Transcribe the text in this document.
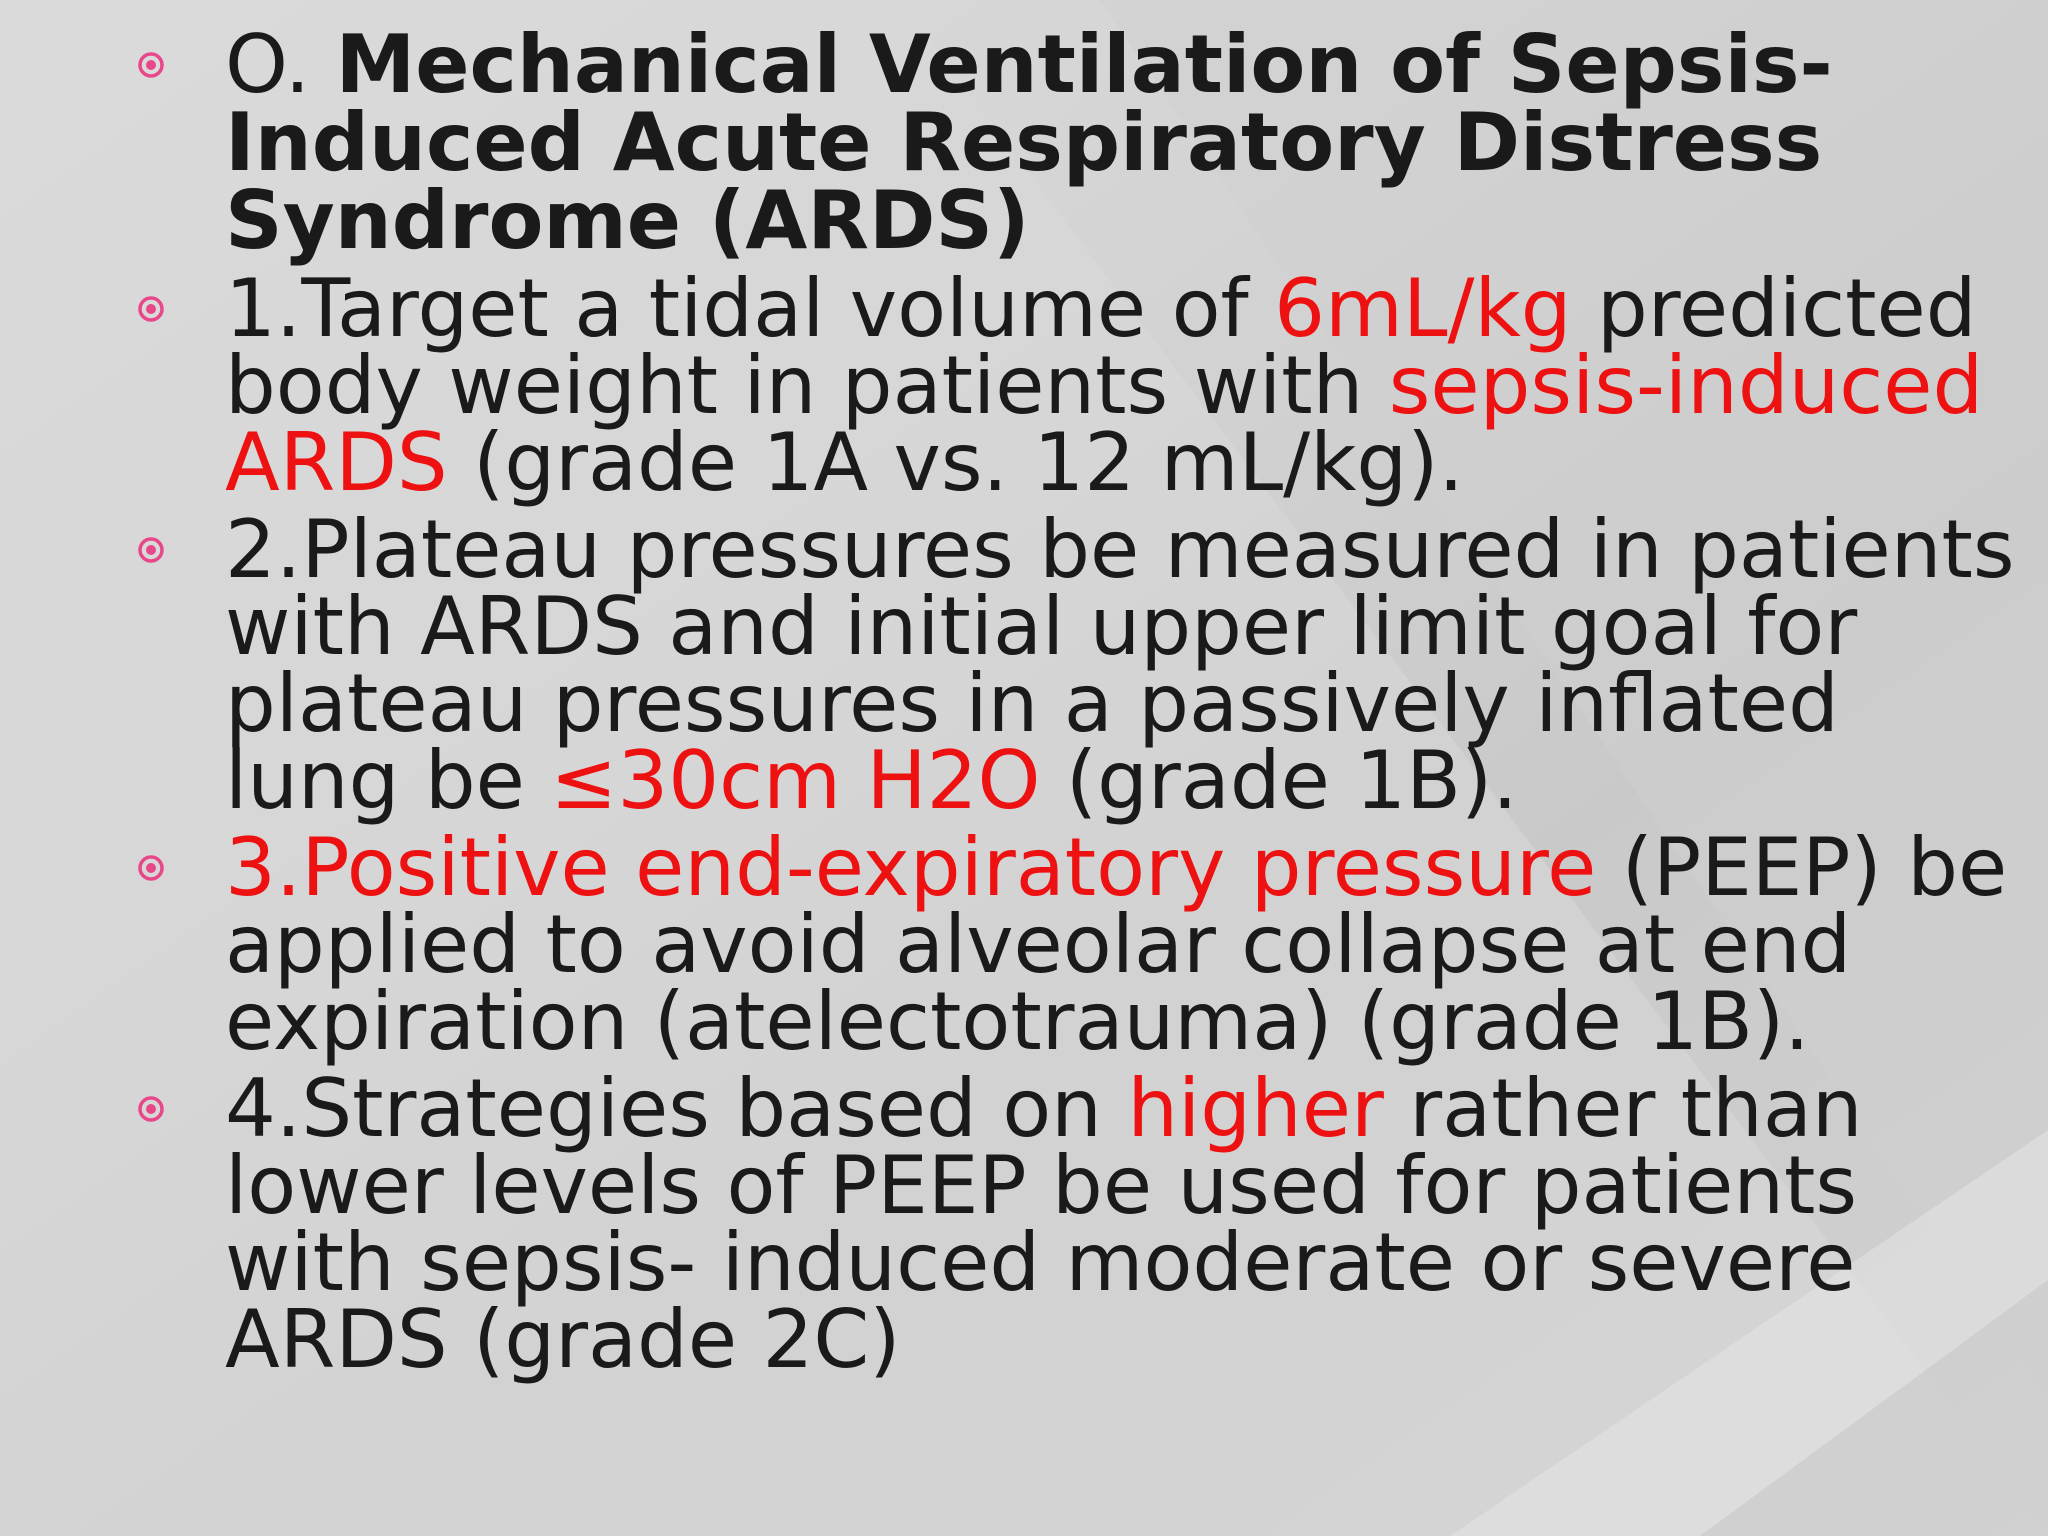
O. Mechanical Ventilation of Sepsis-Induced Acute Respiratory Distress Syndrome (ARDS)
1.Target a tidal volume of 6mL/kg predicted body weight in patients with sepsis-induced ARDS (grade 1A vs. 12 mL/kg).
2.Plateau pressures be measured in patients with ARDS and initial upper limit goal for plateau pressures in a passively inflated lung be ≤30cm H2O (grade 1B).
3.Positive end-expiratory pressure (PEEP) be applied to avoid alveolar collapse at end expiration (atelectotrauma) (grade 1B).
4.Strategies based on higher rather than lower levels of PEEP be used for patients with sepsis- induced moderate or severe ARDS (grade 2C)
